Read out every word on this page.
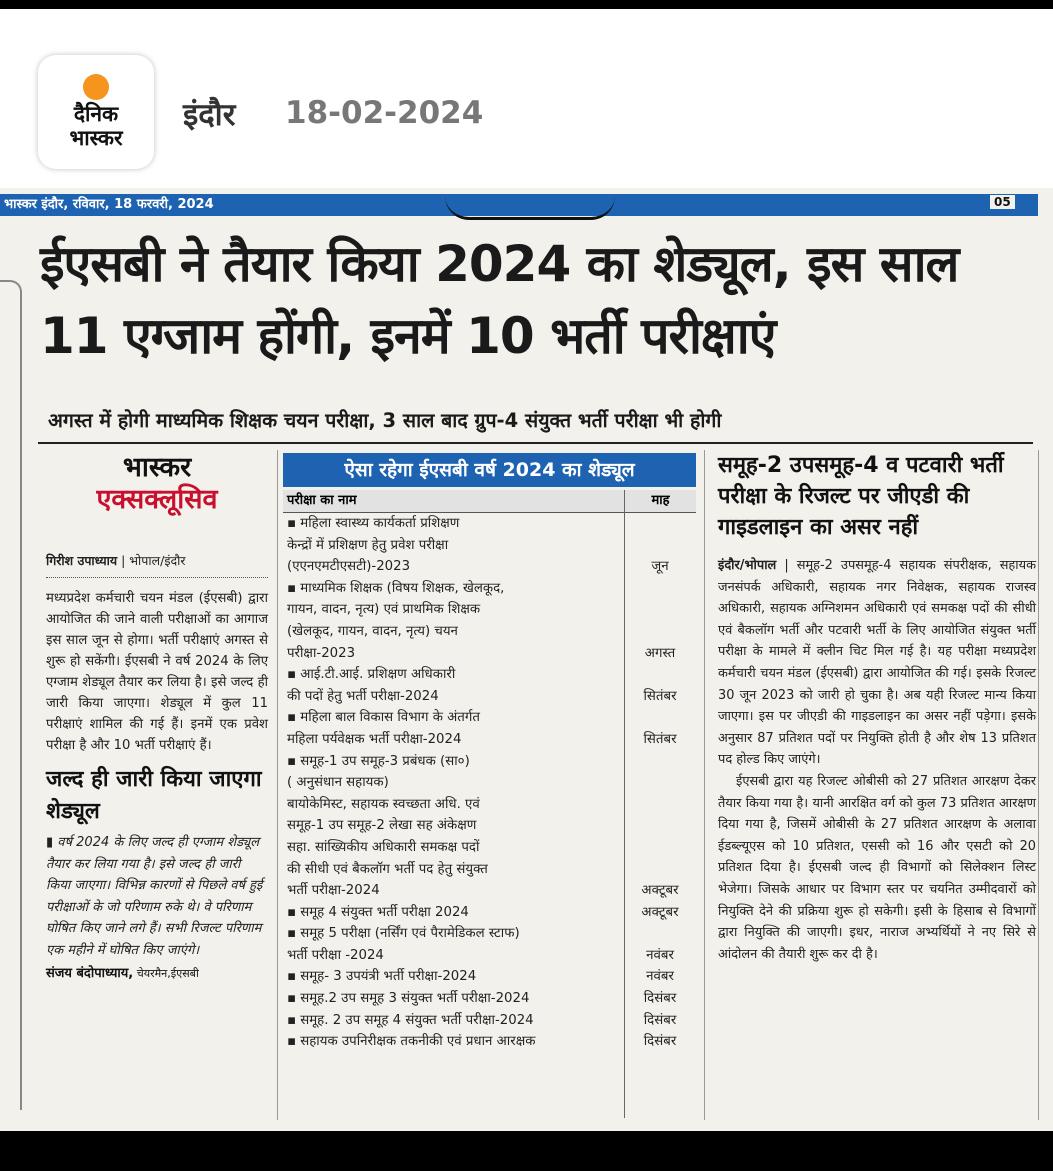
दैनिक
भास्कर
इंदौर 18-02-2024
भास्कर इंदौर, रविवार, 18 फरवरी, 2024	05
ईएसबी ने तैयार किया 2024 का शेड्यूल, इस साल 11 एग्जाम होंगी, इनमें 10 भर्ती परीक्षाएं
अगस्त में होगी माध्यमिक शिक्षक चयन परीक्षा, 3 साल बाद ग्रुप-4 संयुक्त भर्ती परीक्षा भी होगी
भास्कर
एक्सक्लूसिव
गिरीश उपाध्याय | भोपाल/इंदौर
मध्यप्रदेश कर्मचारी चयन मंडल (ईएसबी) द्वारा आयोजित की जाने वाली परीक्षाओं का आगाज इस साल जून से होगा। भर्ती परीक्षाएं अगस्त से शुरू हो सकेंगी। ईएसबी ने वर्ष 2024 के लिए एग्जाम शेड्यूल तैयार कर लिया है। इसे जल्द ही जारी किया जाएगा। शेड्यूल में कुल 11 परीक्षाएं शामिल की गई हैं। इनमें एक प्रवेश परीक्षा है और 10 भर्ती परीक्षाएं हैं।
जल्द ही जारी किया जाएगा शेड्यूल
▮ वर्ष 2024 के लिए जल्द ही एग्जाम शेड्यूल तैयार कर लिया गया है। इसे जल्द ही जारी किया जाएगा। विभिन्न कारणों से पिछले वर्ष हुई परीक्षाओं के जो परिणाम रुके थे। वे परिणाम घोषित किए जाने लगे हैं। सभी रिजल्ट परिणाम एक महीने में घोषित किए जाएंगे।
संजय बंदोपाध्याय, चेयरमैन,ईएसबी
ऐसा रहेगा ईएसबी वर्ष 2024 का शेड्यूल
परीक्षा का नाम	माह
▪ महिला स्वास्थ्य कार्यकर्ता प्रशिक्षण
केन्द्रों में प्रशिक्षण हेतु प्रवेश परीक्षा
(एएनएमटीएसटी)-2023	जून
▪ माध्यमिक शिक्षक (विषय शिक्षक, खेलकूद,
गायन, वादन, नृत्य) एवं प्राथमिक शिक्षक
(खेलकूद, गायन, वादन, नृत्य) चयन
परीक्षा-2023	अगस्त
▪ आई.टी.आई. प्रशिक्षण अधिकारी
की पदों हेतु भर्ती परीक्षा-2024	सितंबर
▪ महिला बाल विकास विभाग के अंतर्गत
महिला पर्यवेक्षक भर्ती परीक्षा-2024	सितंबर
▪ समूह-1 उप समूह-3 प्रबंधक (सा०)
( अनुसंधान सहायक)
बायोकेमिस्ट, सहायक स्वच्छता अधि. एवं
समूह-1 उप समूह-2 लेखा सह अंकेक्षण
सहा. सांख्यिकीय अधिकारी समकक्ष पदों
की सीधी एवं बैकलॉग भर्ती पद हेतु संयुक्त
भर्ती परीक्षा-2024	अक्टूबर
▪ समूह 4 संयुक्त भर्ती परीक्षा 2024	अक्टूबर
▪ समूह 5 परीक्षा (नर्सिंग एवं पैरामेडिकल स्टाफ)
भर्ती परीक्षा -2024	नवंबर
▪ समूह- 3 उपयंत्री भर्ती परीक्षा-2024	नवंबर
▪ समूह.2 उप समूह 3 संयुक्त भर्ती परीक्षा-2024	दिसंबर
▪ समूह. 2 उप समूह 4 संयुक्त भर्ती परीक्षा-2024	दिसंबर
▪ सहायक उपनिरीक्षक तकनीकी एवं प्रधान आरक्षक	दिसंबर
समूह-2 उपसमूह-4 व पटवारी भर्ती परीक्षा के रिजल्ट पर जीएडी की गाइडलाइन का असर नहीं

इंदौर/भोपाल | समूह-2 उपसमूह-4 सहायक संपरीक्षक, सहायक जनसंपर्क अधिकारी, सहायक नगर निवेक्षक, सहायक राजस्व अधिकारी, सहायक अग्निशमन अधिकारी एवं समकक्ष पदों की सीधी एवं बैकलॉग भर्ती और पटवारी भर्ती के लिए आयोजित संयुक्त भर्ती परीक्षा के मामले में क्लीन चिट मिल गई है। यह परीक्षा मध्यप्रदेश कर्मचारी चयन मंडल (ईएसबी) द्वारा आयोजित की गई। इसके रिजल्ट 30 जून 2023 को जारी हो चुका है। अब यही रिजल्ट मान्य किया जाएगा। इस पर जीएडी की गाइडलाइन का असर नहीं पड़ेगा। इसके अनुसार 87 प्रतिशत पदों पर नियुक्ति होती है और शेष 13 प्रतिशत पद होल्ड किए जाएंगे।

ईएसबी द्वारा यह रिजल्ट ओबीसी को 27 प्रतिशत आरक्षण देकर तैयार किया गया है। यानी आरक्षित वर्ग को कुल 73 प्रतिशत आरक्षण दिया गया है, जिसमें ओबीसी के 27 प्रतिशत आरक्षण के अलावा ईडब्ल्यूएस को 10 प्रतिशत, एससी को 16 और एसटी को 20 प्रतिशत दिया है। ईएसबी जल्द ही विभागों को सिलेक्शन लिस्ट भेजेगा। जिसके आधार पर विभाग स्तर पर चयनित उम्मीदवारों को नियुक्ति देने की प्रक्रिया शुरू हो सकेगी। इसी के हिसाब से विभागों द्वारा नियुक्ति की जाएगी। इधर, नाराज अभ्यर्थियों ने नए सिरे से आंदोलन की तैयारी शुरू कर दी है।
